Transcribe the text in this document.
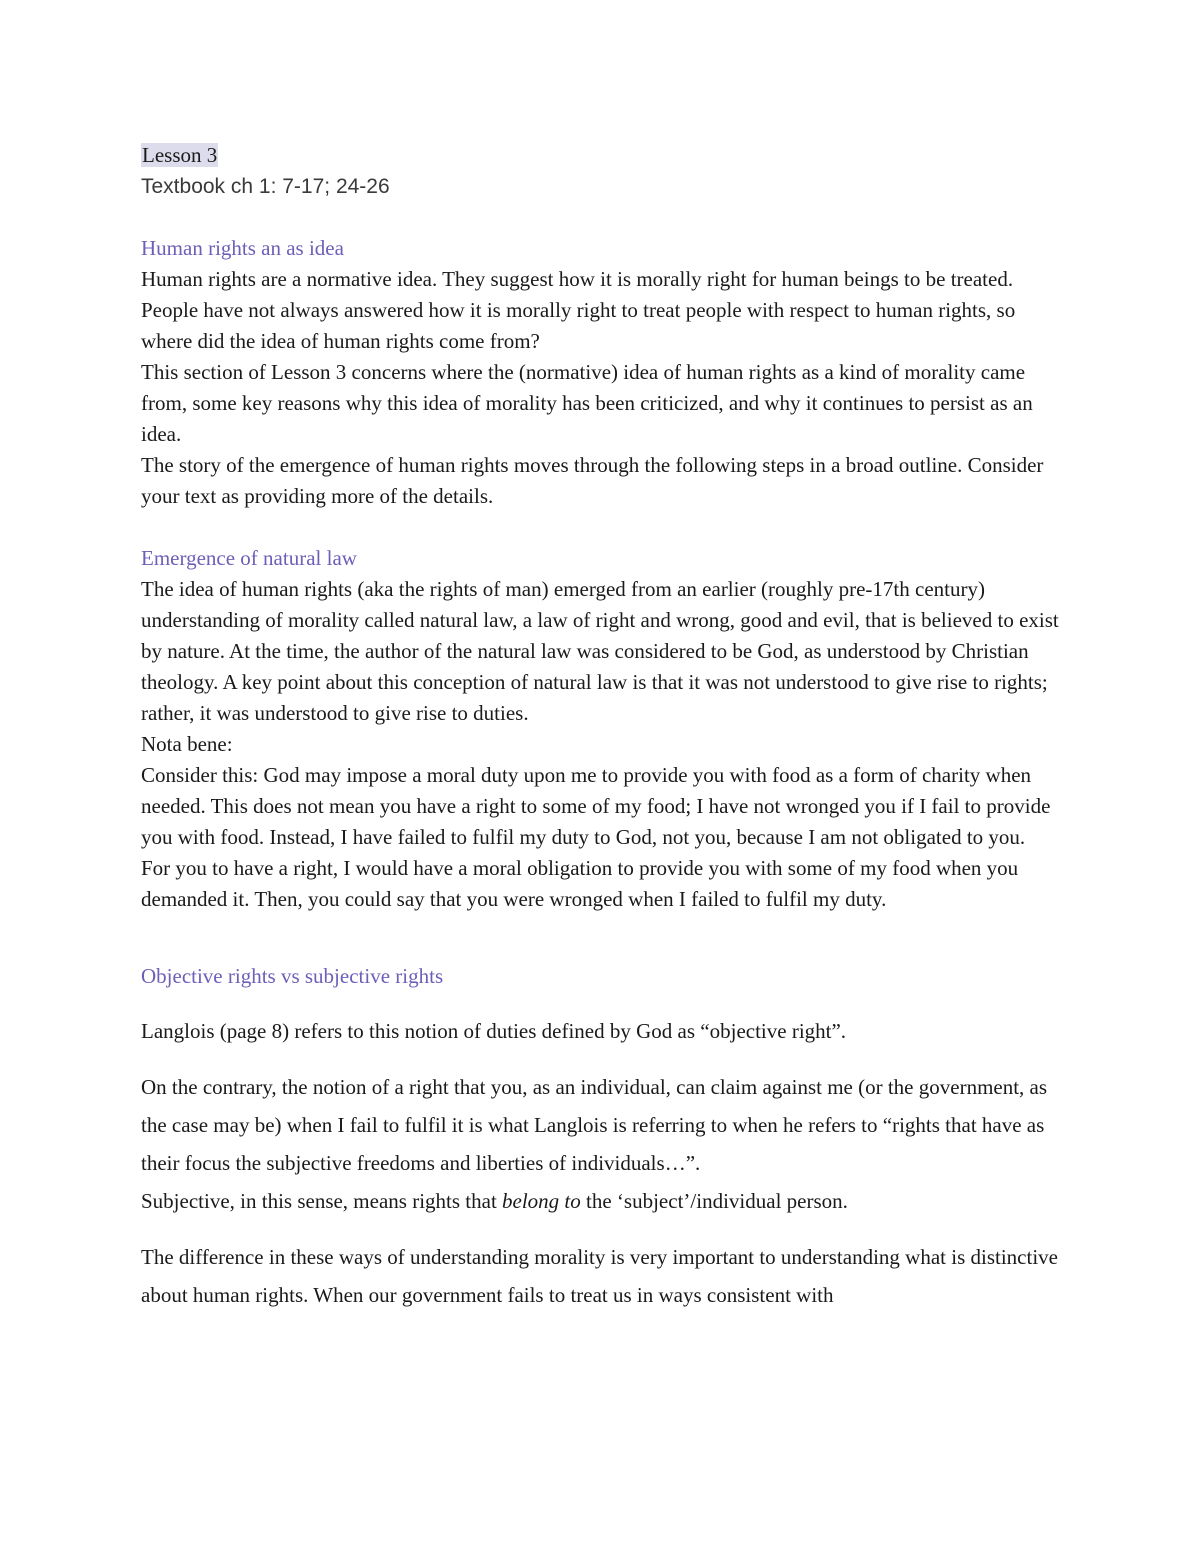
Lesson 3

Textbook ch 1: 7-17; 24-26

Human rights an as idea

Human rights are a normative idea. They suggest how it is morally right for human beings to be treated. People have not always answered how it is morally right to treat people with respect to human rights, so where did the idea of human rights come from?

This section of Lesson 3 concerns where the (normative) idea of human rights as a kind of morality came from, some key reasons why this idea of morality has been criticized, and why it continues to persist as an idea.

The story of the emergence of human rights moves through the following steps in a broad outline. Consider your text as providing more of the details.

Emergence of natural law

The idea of human rights (aka the rights of man) emerged from an earlier (roughly pre-17th century) understanding of morality called natural law, a law of right and wrong, good and evil, that is believed to exist by nature. At the time, the author of the natural law was considered to be God, as understood by Christian theology. A key point about this conception of natural law is that it was not understood to give rise to rights; rather, it was understood to give rise to duties.

Nota bene:

Consider this: God may impose a moral duty upon me to provide you with food as a form of charity when needed. This does not mean you have a right to some of my food; I have not wronged you if I fail to provide you with food. Instead, I have failed to fulfil my duty to God, not you, because I am not obligated to you.

For you to have a right, I would have a moral obligation to provide you with some of my food when you demanded it. Then, you could say that you were wronged when I failed to fulfil my duty.

Objective rights vs subjective rights

Langlois (page 8) refers to this notion of duties defined by God as “objective right”.

On the contrary, the notion of a right that you, as an individual, can claim against me (or the government, as the case may be) when I fail to fulfil it is what Langlois is referring to when he refers to “rights that have as their focus the subjective freedoms and liberties of individuals…”.
Subjective, in this sense, means rights that belong to the ‘subject’/individual person.

The difference in these ways of understanding morality is very important to understanding what is distinctive about human rights. When our government fails to treat us in ways consistent with
